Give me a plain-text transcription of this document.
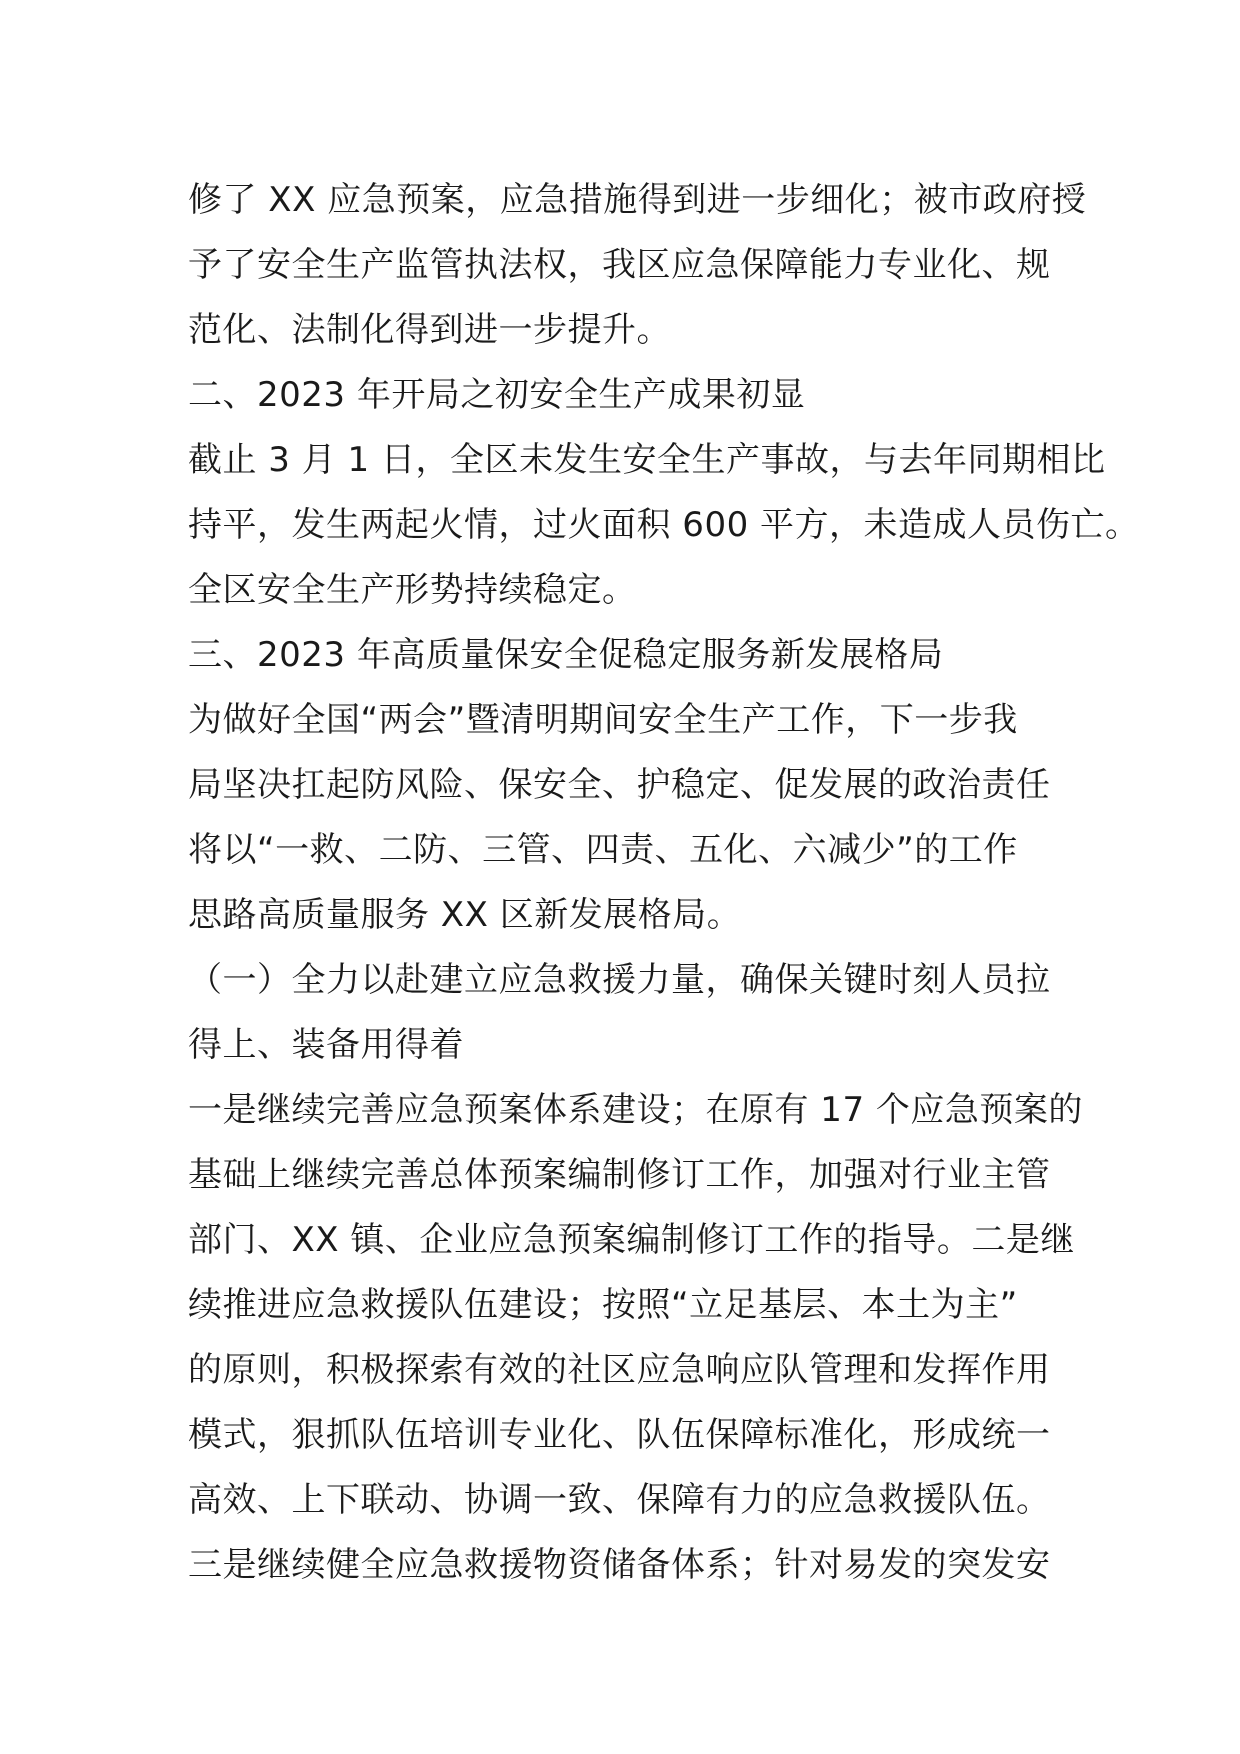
修了 XX 应急预案，应急措施得到进一步细化；被市政府授
予了安全生产监管执法权，我区应急保障能力专业化、规
范化、法制化得到进一步提升。
二、2023 年开局之初安全生产成果初显
截止 3 月 1 日，全区未发生安全生产事故，与去年同期相比
持平，发生两起火情，过火面积 600 平方，未造成人员伤亡。
全区安全生产形势持续稳定。
三、2023 年高质量保安全促稳定服务新发展格局
为做好全国“两会”暨清明期间安全生产工作，下一步我
局坚决扛起防风险、保安全、护稳定、促发展的政治责任
将以“一救、二防、三管、四责、五化、六减少”的工作
思路高质量服务 XX 区新发展格局。
（一）全力以赴建立应急救援力量，确保关键时刻人员拉
得上、装备用得着
一是继续完善应急预案体系建设；在原有 17 个应急预案的
基础上继续完善总体预案编制修订工作，加强对行业主管
部门、XX 镇、企业应急预案编制修订工作的指导。二是继
续推进应急救援队伍建设；按照“立足基层、本土为主”
的原则，积极探索有效的社区应急响应队管理和发挥作用
模式，狠抓队伍培训专业化、队伍保障标准化，形成统一
高效、上下联动、协调一致、保障有力的应急救援队伍。
三是继续健全应急救援物资储备体系；针对易发的突发安
